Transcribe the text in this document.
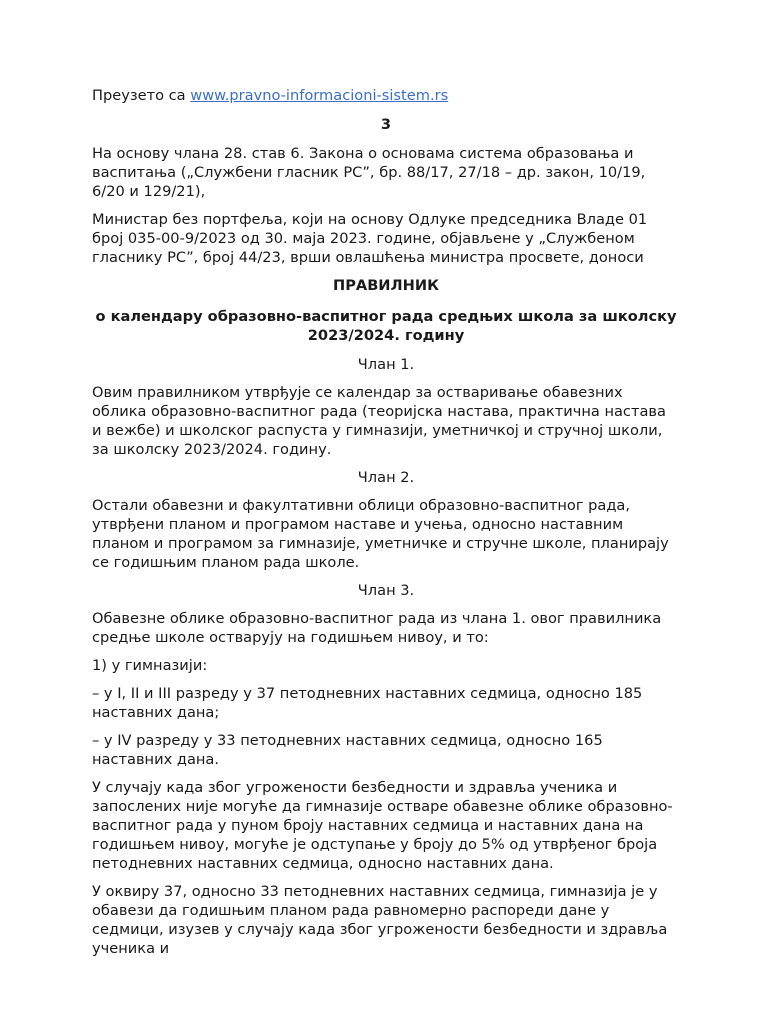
Преузето са www.pravno-informacioni-sistem.rs
3

На основу члана 28. став 6. Закона о основама система образовања и васпитања („Службени гласник РС”, бр. 88/17, 27/18 – др. закон, 10/19, 6/20 и 129/21),

Министар без портфеља, који на основу Одлуке председника Владе 01 број 035-00-9/2023 од 30. маја 2023. године, објављене у „Службеном гласнику РС”, број 44/23, врши овлашћења министра просвете, доноси

ПРАВИЛНИК
о календару образовно-васпитног рада средњих школа за школску 2023/2024. годину
Члан 1.

Овим правилником утврђује се календар за остваривање обавезних облика образовно-васпитног рада (теоријска настава, практична настава и вежбе) и школског распуста у гимназији, уметничкој и стручној школи, за школску 2023/2024. годину.

Члан 2.

Остали обавезни и факултативни облици образовно-васпитног рада, утврђени планом и програмом наставе и учења, односно наставним планом и програмом за гимназије, уметничке и стручне школе, планирају се годишњим планом рада школе.

Члан 3.

Обавезне облике образовно-васпитног рада из члана 1. овог правилника средње школе остварују на годишњем нивоу, и то:

1) у гимназији:

– у I, II и III разреду у 37 петодневних наставних седмица, односно 185 наставних дана;

– у IV разреду у 33 петодневних наставних седмица, односно 165 наставних дана.

У случају када због угрожености безбедности и здравља ученика и запослених није могуће да гимназије остваре обавезне облике образовно-васпитног рада у пуном броју наставних седмица и наставних дана на годишњем нивоу, могуће је одступање у броју до 5% од утврђеног броја петодневних наставних седмица, односно наставних дана.

У оквиру 37, односно 33 петодневних наставних седмица, гимназија је у обавези да годишњим планом рада равномерно распореди дане у седмици, изузев у случају када због угрожености безбедности и здравља ученика и
